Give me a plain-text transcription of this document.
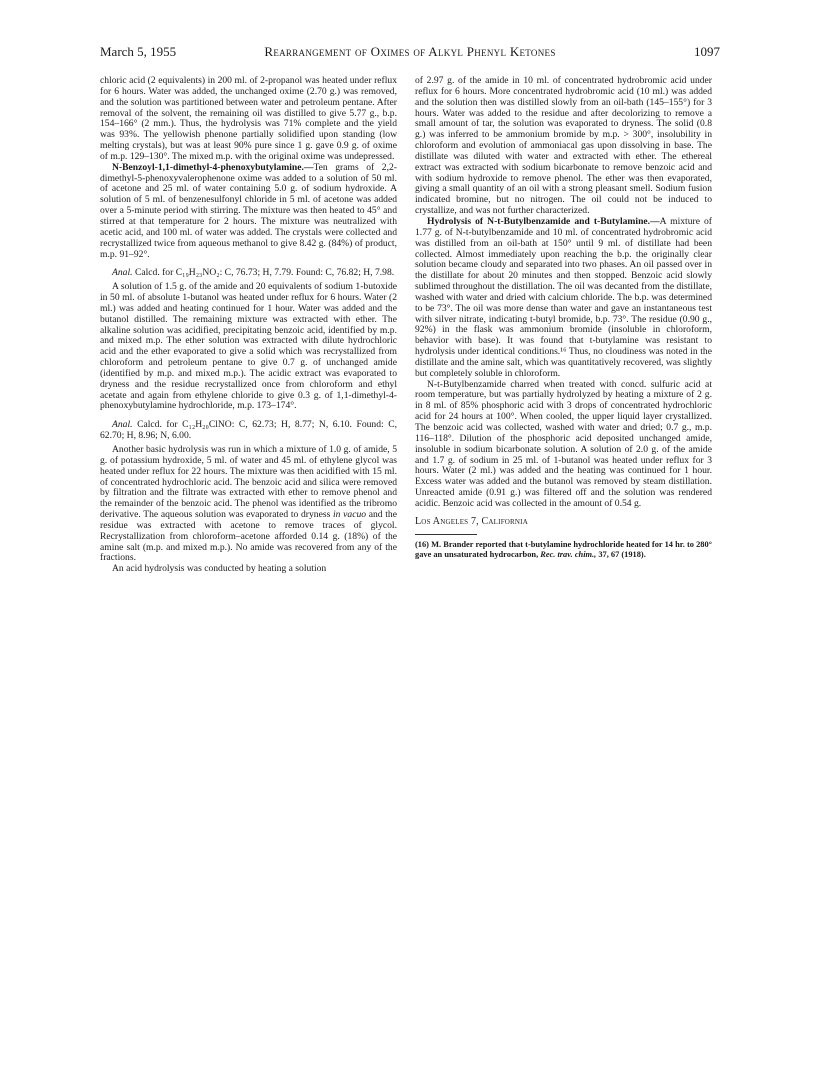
March 5, 1955	Rearrangement of Oximes of Alkyl Phenyl Ketones	1097

chloric acid (2 equivalents) in 200 ml. of 2-propanol was heated under reflux for 6 hours. Water was added, the unchanged oxime (2.70 g.) was removed, and the solution was partitioned between water and petroleum pentane. After removal of the solvent, the remaining oil was distilled to give 5.77 g., b.p. 154–166° (2 mm.). Thus, the hydrolysis was 71% complete and the yield was 93%. The yellowish phenone partially solidified upon standing (low melting crystals), but was at least 90% pure since 1 g. gave 0.9 g. of oxime of m.p. 129–130°. The mixed m.p. with the original oxime was undepressed.

N-Benzoyl-1,1-dimethyl-4-phenoxybutylamine.—Ten grams of 2,2-dimethyl-5-phenoxyvalerophenone oxime was added to a solution of 50 ml. of acetone and 25 ml. of water containing 5.0 g. of sodium hydroxide. A solution of 5 ml. of benzenesulfonyl chloride in 5 ml. of acetone was added over a 5-minute period with stirring. The mixture was then heated to 45° and stirred at that temperature for 2 hours. The mixture was neutralized with acetic acid, and 100 ml. of water was added. The crystals were collected and recrystallized twice from aqueous methanol to give 8.42 g. (84%) of product, m.p. 91–92°.

Anal. Calcd. for C₁₉H₂₃NO₂: C, 76.73; H, 7.79. Found: C, 76.82; H, 7.98.

A solution of 1.5 g. of the amide and 20 equivalents of sodium 1-butoxide in 50 ml. of absolute 1-butanol was heated under reflux for 6 hours. Water (2 ml.) was added and heating continued for 1 hour. Water was added and the butanol distilled. The remaining mixture was extracted with ether. The alkaline solution was acidified, precipitating benzoic acid, identified by m.p. and mixed m.p. The ether solution was extracted with dilute hydrochloric acid and the ether evaporated to give a solid which was recrystallized from chloroform and petroleum pentane to give 0.7 g. of unchanged amide (identified by m.p. and mixed m.p.). The acidic extract was evaporated to dryness and the residue recrystallized once from chloroform and ethyl acetate and again from ethylene chloride to give 0.3 g. of 1,1-dimethyl-4-phenoxybutylamine hydrochloride, m.p. 173–174°.

Anal. Calcd. for C₁₂H₂₀ClNO: C, 62.73; H, 8.77; N, 6.10. Found: C, 62.70; H, 8.96; N, 6.00.

Another basic hydrolysis was run in which a mixture of 1.0 g. of amide, 5 g. of potassium hydroxide, 5 ml. of water and 45 ml. of ethylene glycol was heated under reflux for 22 hours. The mixture was then acidified with 15 ml. of concentrated hydrochloric acid. The benzoic acid and silica were removed by filtration and the filtrate was extracted with ether to remove phenol and the remainder of the benzoic acid. The phenol was identified as the tribromo derivative. The aqueous solution was evaporated to dryness in vacuo and the residue was extracted with acetone to remove traces of glycol. Recrystallization from chloroform–acetone afforded 0.14 g. (18%) of the amine salt (m.p. and mixed m.p.). No amide was recovered from any of the fractions.

An acid hydrolysis was conducted by heating a solution

of 2.97 g. of the amide in 10 ml. of concentrated hydrobromic acid under reflux for 6 hours. More concentrated hydrobromic acid (10 ml.) was added and the solution then was distilled slowly from an oil-bath (145–155°) for 3 hours. Water was added to the residue and after decolorizing to remove a small amount of tar, the solution was evaporated to dryness. The solid (0.8 g.) was inferred to be ammonium bromide by m.p. > 300°, insolubility in chloroform and evolution of ammoniacal gas upon dissolving in base. The distillate was diluted with water and extracted with ether. The ethereal extract was extracted with sodium bicarbonate to remove benzoic acid and with sodium hydroxide to remove phenol. The ether was then evaporated, giving a small quantity of an oil with a strong pleasant smell. Sodium fusion indicated bromine, but no nitrogen. The oil could not be induced to crystallize, and was not further characterized.

Hydrolysis of N-t-Butylbenzamide and t-Butylamine.—A mixture of 1.77 g. of N-t-butylbenzamide and 10 ml. of concentrated hydrobromic acid was distilled from an oil-bath at 150° until 9 ml. of distillate had been collected. Almost immediately upon reaching the b.p. the originally clear solution became cloudy and separated into two phases. An oil passed over in the distillate for about 20 minutes and then stopped. Benzoic acid slowly sublimed throughout the distillation. The oil was decanted from the distillate, washed with water and dried with calcium chloride. The b.p. was determined to be 73°. The oil was more dense than water and gave an instantaneous test with silver nitrate, indicating t-butyl bromide, b.p. 73°. The residue (0.90 g., 92%) in the flask was ammonium bromide (insoluble in chloroform, behavior with base). It was found that t-butylamine was resistant to hydrolysis under identical conditions.¹⁶ Thus, no cloudiness was noted in the distillate and the amine salt, which was quantitatively recovered, was slightly but completely soluble in chloroform.

N-t-Butylbenzamide charred when treated with concd. sulfuric acid at room temperature, but was partially hydrolyzed by heating a mixture of 2 g. in 8 ml. of 85% phosphoric acid with 3 drops of concentrated hydrochloric acid for 24 hours at 100°. When cooled, the upper liquid layer crystallized. The benzoic acid was collected, washed with water and dried; 0.7 g., m.p. 116–118°. Dilution of the phosphoric acid deposited unchanged amide, insoluble in sodium bicarbonate solution. A solution of 2.0 g. of the amide and 1.7 g. of sodium in 25 ml. of 1-butanol was heated under reflux for 3 hours. Water (2 ml.) was added and the heating was continued for 1 hour. Excess water was added and the butanol was removed by steam distillation. Unreacted amide (0.91 g.) was filtered off and the solution was rendered acidic. Benzoic acid was collected in the amount of 0.54 g.

Los Angeles 7, California
(16) M. Brander reported that t-butylamine hydrochloride heated for 14 hr. to 280° gave an unsaturated hydrocarbon, Rec. trav. chim., 37, 67 (1918).
